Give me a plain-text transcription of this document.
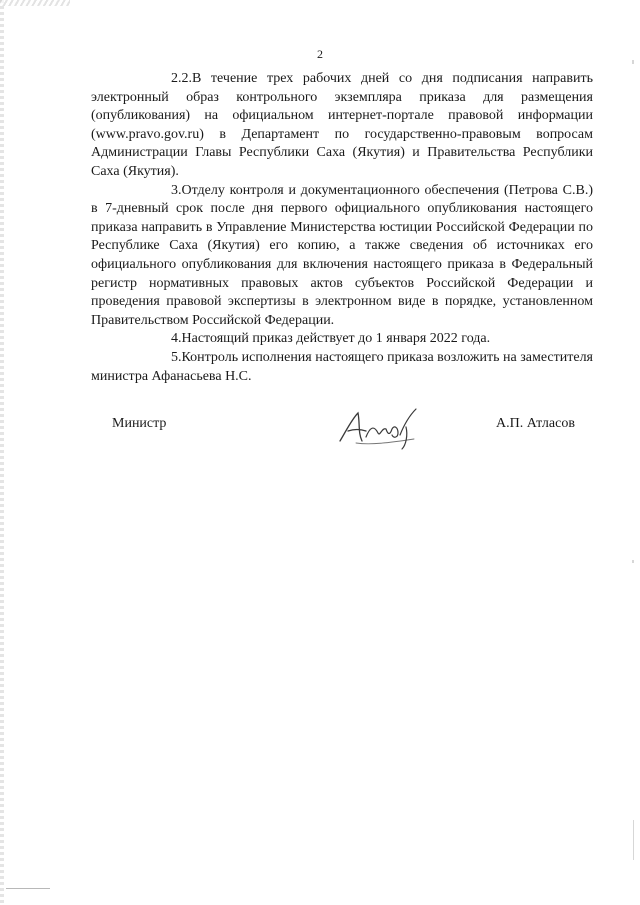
2

2.2.В течение трех рабочих дней со дня подписания направить электронный образ контрольного экземпляра приказа для размещения (опубликования) на официальном интернет-портале правовой информации (www.pravo.gov.ru) в Департамент по государственно-правовым вопросам Администрации Главы Республики Саха (Якутия) и Правительства Республики Саха (Якутия).

3.Отделу контроля и документационного обеспечения (Петрова С.В.) в 7-дневный срок после дня первого официального опубликования настоящего приказа направить в Управление Министерства юстиции Российской Федерации по Республике Саха (Якутия) его копию, а также сведения об источниках его официального опубликования для включения настоящего приказа в Федеральный регистр нормативных правовых актов субъектов Российской Федерации и проведения правовой экспертизы в электронном виде в порядке, установленном Правительством Российской Федерации.

4.Настоящий приказ действует до 1 января 2022 года.

5.Контроль исполнения настоящего приказа возложить на заместителя министра Афанасьева Н.С.

Министр	А.П. Атласов
